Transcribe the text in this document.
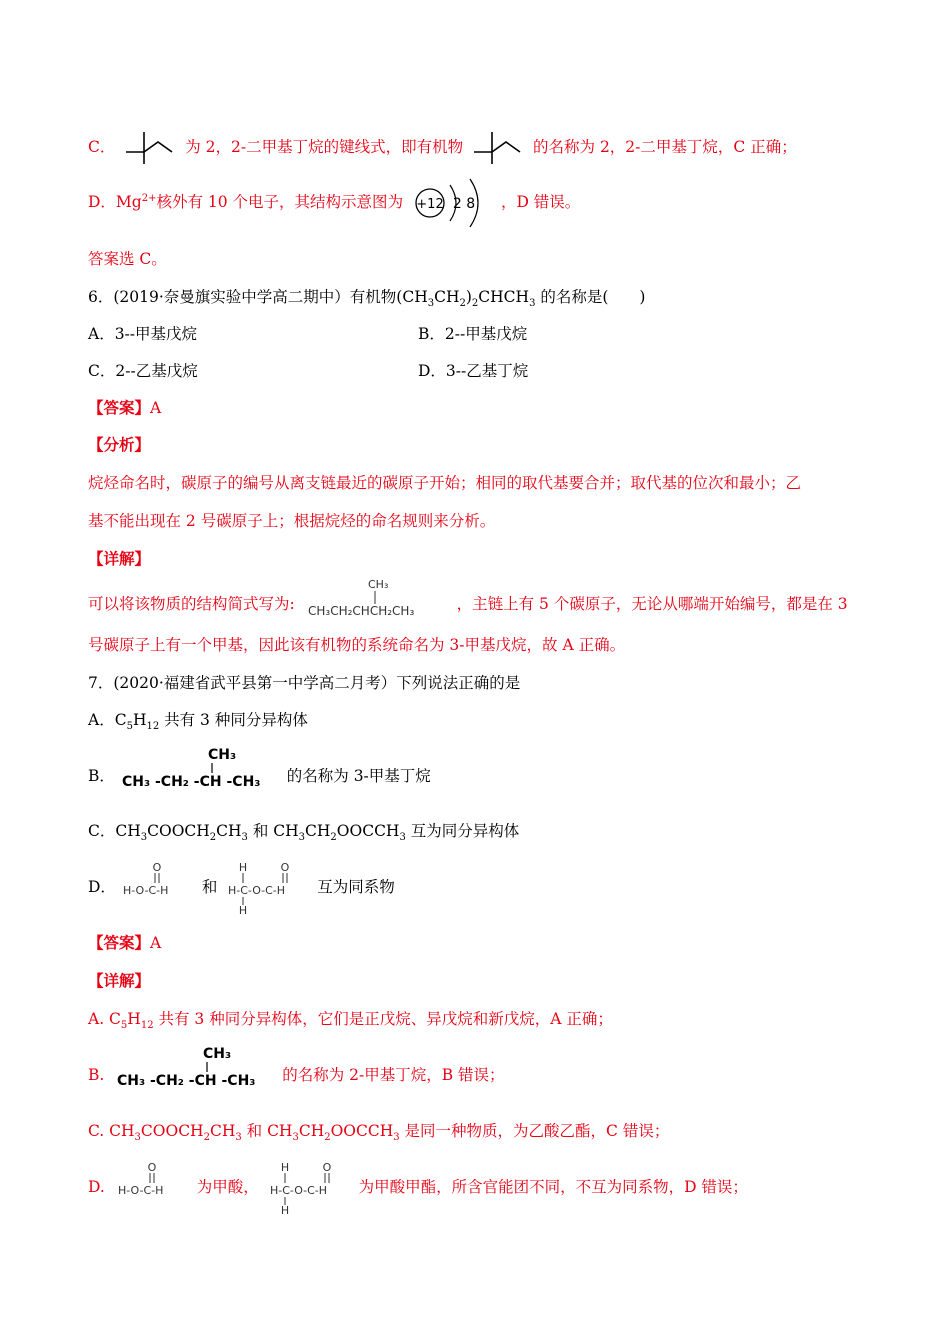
C．	为 2，2-二甲基丁烷的键线式，即有机物	的名称为 2，2-二甲基丁烷，C 正确；
D．$Mg^{2+}$核外有 10 个电子，其结构示意图为 +12 2 8 ，D 错误。
答案选 C。
6．(2019·奈曼旗实验中学高二期中）有机物$(CH_3CH_2)_2CHCH_3$ 的名称是(　　)
A．3--甲基戊烷	B．2--甲基戊烷
C．2--乙基戊烷	D．3--乙基丁烷
【答案】A
【分析】
烷烃命名时，碳原子的编号从离支链最近的碳原子开始；相同的取代基要合并；取代基的位次和最小；乙
基不能出现在 2 号碳原子上；根据烷烃的命名规则来分析。
【详解】
可以将该物质的结构简式写为:
CH₃
CH₃CH₂CHCH₂CH₃	，主链上有 5 个碳原子，无论从哪端开始编号，都是在 3
号碳原子上有一个甲基，因此该有机物的系统命名为 3-甲基戊烷，故 A 正确。
7．(2020·福建省武平县第一中学高二月考）下列说法正确的是
A．$C_5H_{12}$ 共有 3 种同分异构体
B．
CH₃
CH₃ -CH₂ -CH -CH₃ 的名称为 3-甲基丁烷
C．$CH_3COOCH_2CH_3$ 和 $CH_3CH_2OOCCH_3$ 互为同分异构体
D．
O
H-O-C-H 和
H	O
H-C-O-C-H
H
互为同系物
【答案】A
【详解】
A. $C_5H_{12}$ 共有 3 种同分异构体，它们是正戊烷、异戊烷和新戊烷，A 正确；
B.
CH₃
CH₃ -CH₂ -CH -CH₃ 的名称为 2-甲基丁烷，B 错误；
C. $CH_3COOCH_2CH_3$ 和 $CH_3CH_2OOCCH_3$ 是同一种物质，为乙酸乙酯，C 错误；
D.
O
H-O-C-H 为甲酸，
H	O
H-C-O-C-H
H
为甲酸甲酯，所含官能团不同，不互为同系物，D 错误；
